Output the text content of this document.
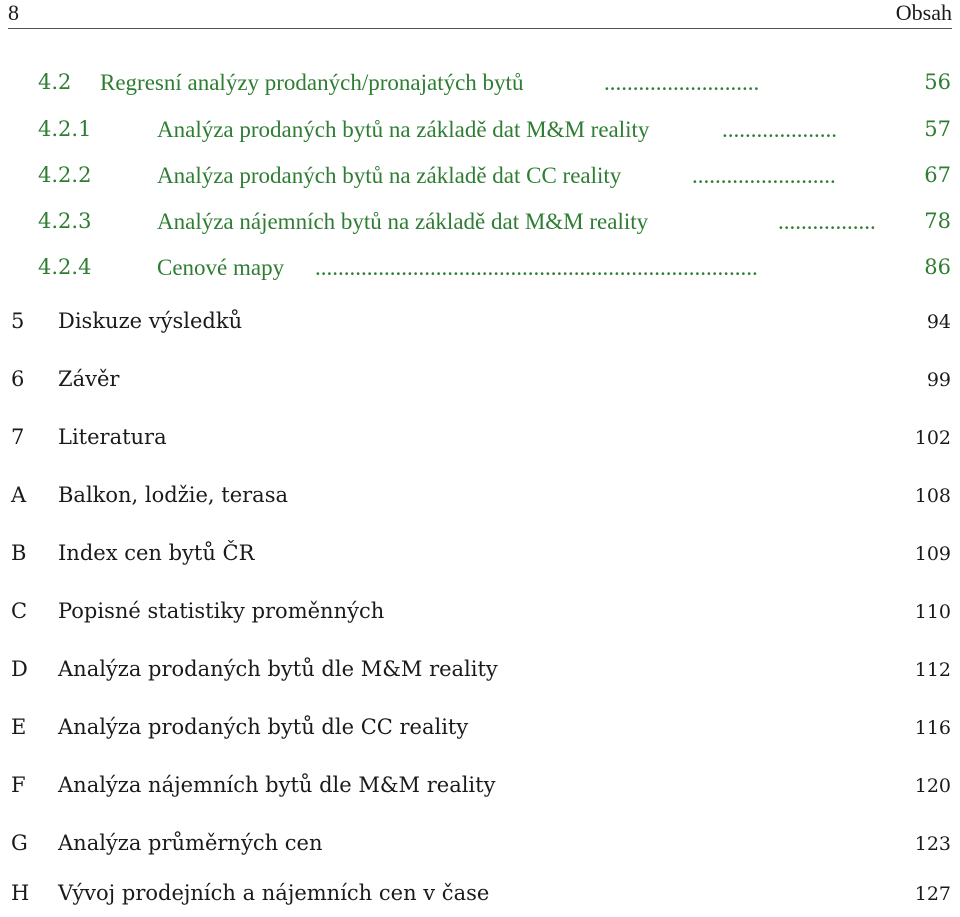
8	Obsah
4.2 Regresní analýzy prodaných/pronajatých bytů	...........................	56
4.2.1	Analýza prodaných bytů na základě dat M&M reality	....................	57
4.2.2	Analýza prodaných bytů na základě dat CC reality	.........................	67
4.2.3	Analýza nájemních bytů na základě dat M&M reality	.................	78
4.2.4	Cenové mapy .............................................................................	86
5 Diskuze výsledků	94
6 Závěr	99
7 Literatura	102
A Balkon, lodžie, terasa	108
B Index cen bytů ČR	109
C Popisné statistiky proměnných	110
D Analýza prodaných bytů dle M&M reality	112
E Analýza prodaných bytů dle CC reality	116
F Analýza nájemních bytů dle M&M reality	120
G Analýza průměrných cen	123
H Vývoj prodejních a nájemních cen v čase	127
